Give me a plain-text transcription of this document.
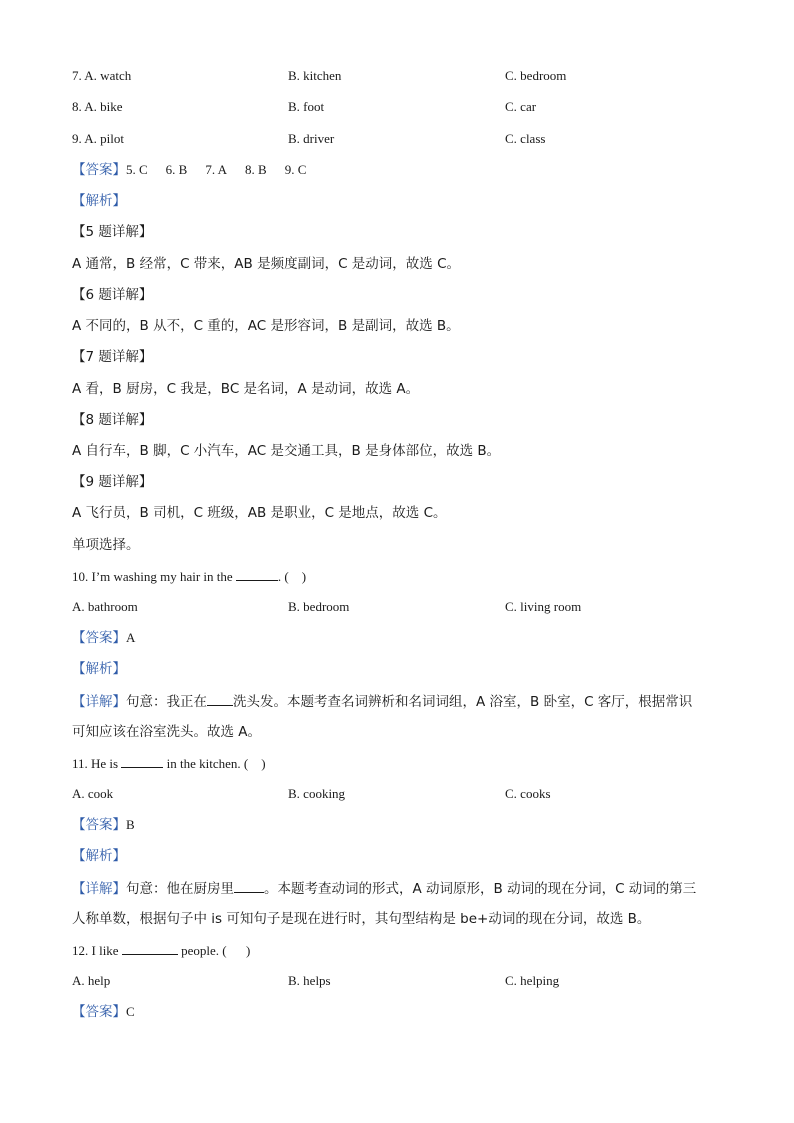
7. A. watch	B. kitchen	C. bedroom
8. A. bike	B. foot	C. car
9. A. pilot	B. driver	C. class
【答案】5. C 6. B 7. A 8. B 9. C
【解析】
【5 题详解】
A 通常，B 经常，C 带来，AB 是频度副词，C 是动词，故选 C。
【6 题详解】
A 不同的，B 从不，C 重的，AC 是形容词，B 是副词，故选 B。
【7 题详解】
A 看，B 厨房，C 我是，BC 是名词，A 是动词，故选 A。
【8 题详解】
A 自行车，B 脚，C 小汽车，AC 是交通工具，B 是身体部位，故选 B。
【9 题详解】
A 飞行员，B 司机，C 班级，AB 是职业，C 是地点，故选 C。
单项选择。
10. I’m washing my hair in the	. (    )
A. bathroom	B. bedroom	C. living room
【答案】A
【解析】
【详解】句意：我正在 洗头发。本题考查名词辨析和名词词组，A 浴室，B 卧室，C 客厅，根据常识
可知应该在浴室洗头。故选 A。
11. He is	in the kitchen. (    )
A. cook	B. cooking	C. cooks
【答案】B
【解析】
【详解】句意：他在厨房里 。本题考查动词的形式，A 动词原形，B 动词的现在分词，C 动词的第三
人称单数，根据句子中 is 可知句子是现在进行时，其句型结构是 be+动词的现在分词，故选 B。
12. I like	people. (      )
A. help	B. helps	C. helping
【答案】C
